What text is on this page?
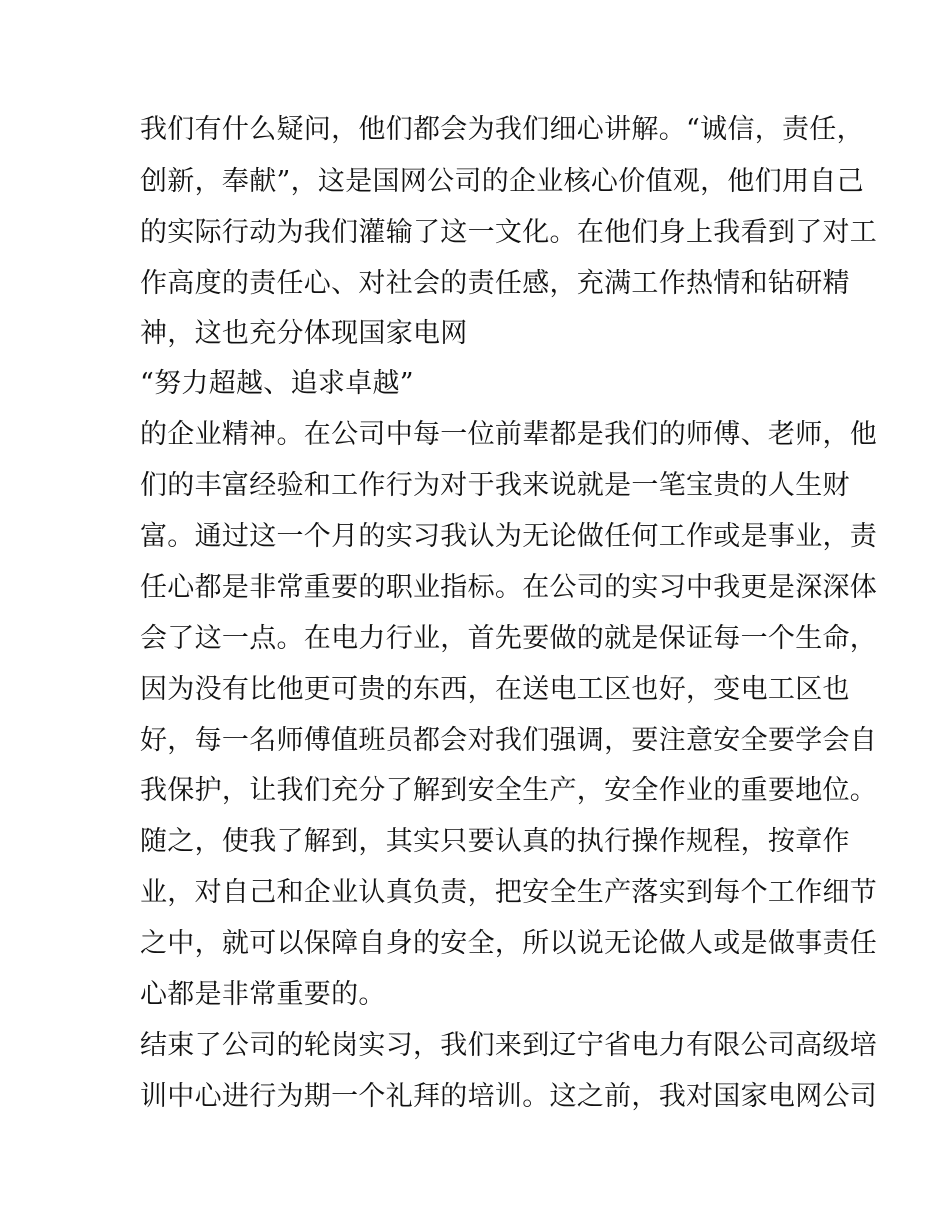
我们有什么疑问，他们都会为我们细心讲解。“诚信，责任，
创新，奉献”，这是国网公司的企业核心价值观，他们用自己
的实际行动为我们灌输了这一文化。在他们身上我看到了对工
作高度的责任心、对社会的责任感，充满工作热情和钻研精
神，这也充分体现国家电网
“努力超越、追求卓越”
的企业精神。在公司中每一位前辈都是我们的师傅、老师，他
们的丰富经验和工作行为对于我来说就是一笔宝贵的人生财
富。通过这一个月的实习我认为无论做任何工作或是事业，责
任心都是非常重要的职业指标。在公司的实习中我更是深深体
会了这一点。在电力行业，首先要做的就是保证每一个生命，
因为没有比他更可贵的东西，在送电工区也好，变电工区也
好，每一名师傅值班员都会对我们强调，要注意安全要学会自
我保护，让我们充分了解到安全生产，安全作业的重要地位。
随之，使我了解到，其实只要认真的执行操作规程，按章作
业，对自己和企业认真负责，把安全生产落实到每个工作细节
之中，就可以保障自身的安全，所以说无论做人或是做事责任
心都是非常重要的。
结束了公司的轮岗实习，我们来到辽宁省电力有限公司高级培
训中心进行为期一个礼拜的培训。这之前，我对国家电网公司
